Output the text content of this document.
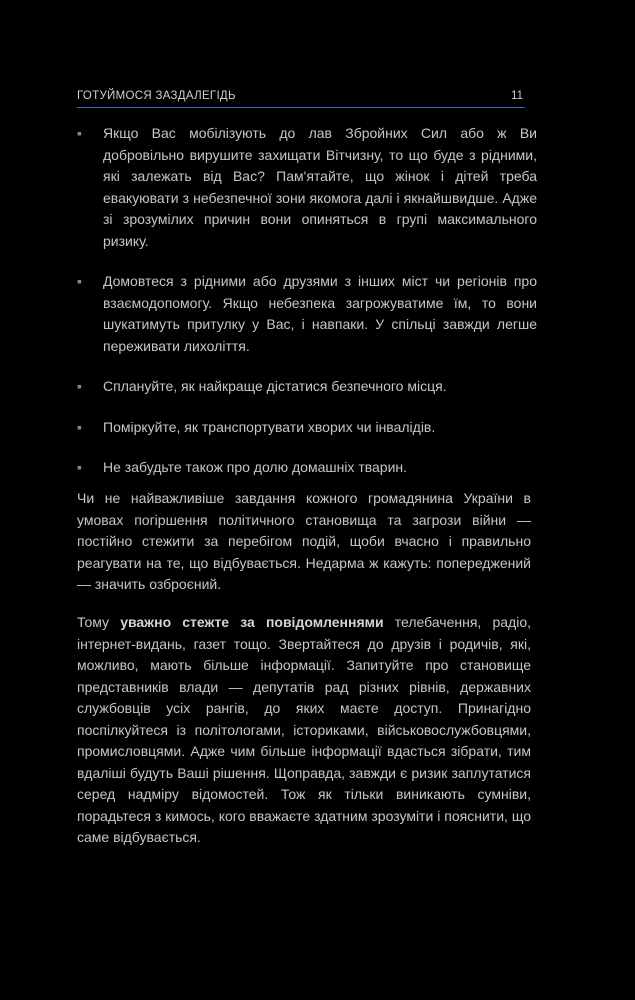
ГОТУЙМОСЯ ЗАЗДАЛЕГІДЬ	11
▪ Якщо Вас мобілізують до лав Збройних Сил або ж Ви добровільно вирушите захищати Вітчизну, то що буде з рідними, які залежать від Вас? Пам'ятайте, що жінок і дітей треба евакуювати з небезпечної зони якомога далі і якнайшвидше. Адже зі зрозумілих причин вони опиняться в групі максимального ризику.
▪ Домовтеся з рідними або друзями з інших міст чи регіонів про взаємодопомогу. Якщо небезпека загрожуватиме їм, то вони шукатимуть притулку у Вас, і навпаки. У спільці завжди легше переживати лихоліття.
▪ Сплануйте, як найкраще дістатися безпечного місця.
▪ Поміркуйте, як транспортувати хворих чи інвалідів.
▪ Не забудьте також про долю домашніх тварин.

Чи не найважливіше завдання кожного громадянина України в умовах погіршення політичного становища та загрози війни — постійно стежити за перебігом подій, щоби вчасно і правильно реагувати на те, що відбувається. Недарма ж кажуть: попереджений — значить озброєний.

Тому уважно стежте за повідомленнями телебачення, радіо, інтернет-видань, газет тощо. Звертайтеся до друзів і родичів, які, можливо, мають більше інформації. Запитуйте про становище представників влади — депутатів рад різних рівнів, державних службовців усіх рангів, до яких маєте доступ. Принагідно поспілкуйтеся із політологами, істориками, військовослужбовцями, промисловцями. Адже чим більше інформації вдасться зібрати, тим вдаліші будуть Ваші рішення. Щоправда, завжди є ризик заплутатися серед надміру відомостей. Тож як тільки виникають сумніви, порадьтеся з кимось, кого вважаєте здатним зрозуміти і пояснити, що саме відбувається.
